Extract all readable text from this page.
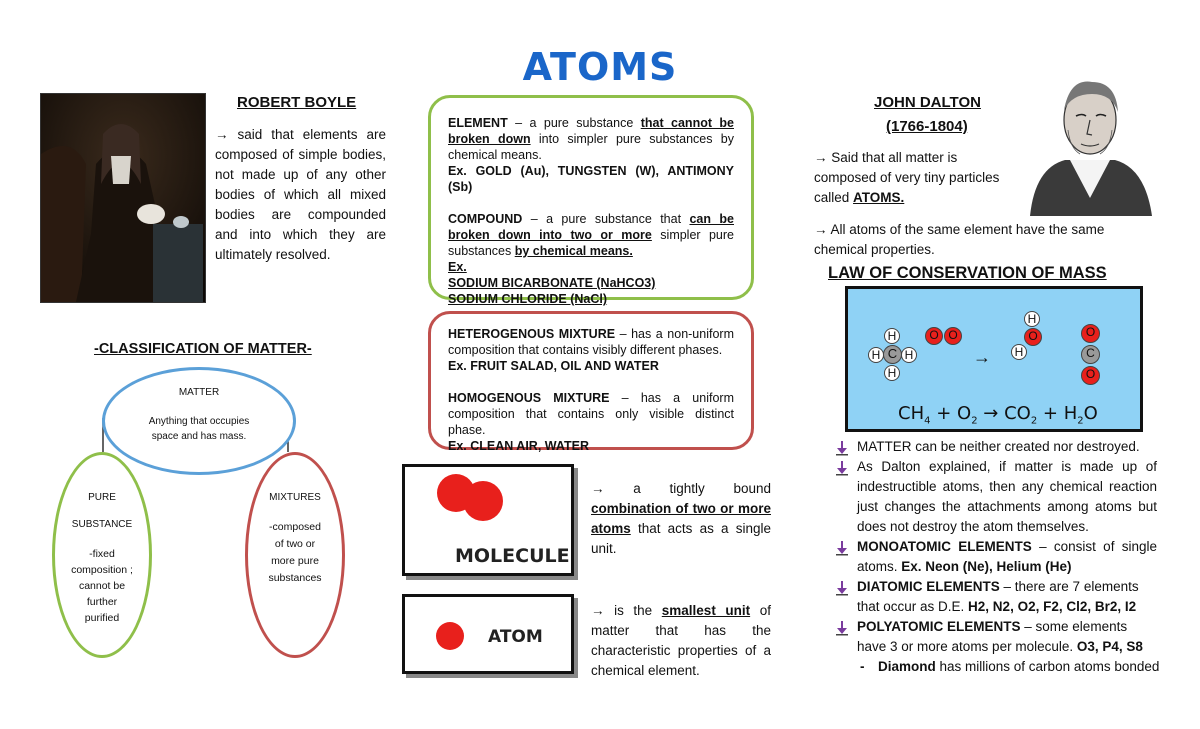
ATOMS
ROBERT BOYLE
→ said that elements are composed of simple bodies, not made up of any other bodies of which all mixed bodies are compounded and into which they are ultimately resolved.
ELEMENT – a pure substance that cannot be broken down into simpler pure substances by chemical means.
Ex. GOLD (Au), TUNGSTEN (W), ANTIMONY (Sb)
COMPOUND – a pure substance that can be broken down into two or more simpler pure substances by chemical means.
Ex.
SODIUM BICARBONATE (NaHCO3)
SODIUM CHLORIDE (NaCl)
HETEROGENOUS MIXTURE – has a non-uniform composition that contains visibly different phases.
Ex. FRUIT SALAD, OIL AND WATER
HOMOGENOUS MIXTURE – has a uniform composition that contains only visible distinct phase.
Ex. CLEAN AIR, WATER
-CLASSIFICATION OF MATTER-
MATTER
Anything that occupies space and has mass.
PURE
SUBSTANCE
-fixed composition ; cannot be further purified
MIXTURES
-composed of two or more pure substances
MOLECULE
→ a tightly bound combination of two or more atoms that acts as a single unit.
ATOM
→ is the smallest unit of matter that has the characteristic properties of a chemical element.
JOHN DALTON
(1766-1804)
→ Said that all matter is composed of very tiny particles called ATOMS.
→ All atoms of the same element have the same chemical properties.
LAW OF CONSERVATION OF MASS
H
H C H
H
O O
→
H
O
H
O
C
O
$CH_4 + O_2 \to CO_2 + H_2O$
MATTER can be neither created nor destroyed.
As Dalton explained, if matter is made up of indestructible atoms, then any chemical reaction just changes the attachments among atoms but does not destroy the atom themselves.
MONOATOMIC ELEMENTS – consist of single atoms. Ex. Neon (Ne), Helium (He)
DIATOMIC ELEMENTS – there are 7 elements that occur as D.E. H2, N2, O2, F2, Cl2, Br2, I2
POLYATOMIC ELEMENTS – some elements have 3 or more atoms per molecule. O3, P4, S8
- Diamond has millions of carbon atoms bonded
